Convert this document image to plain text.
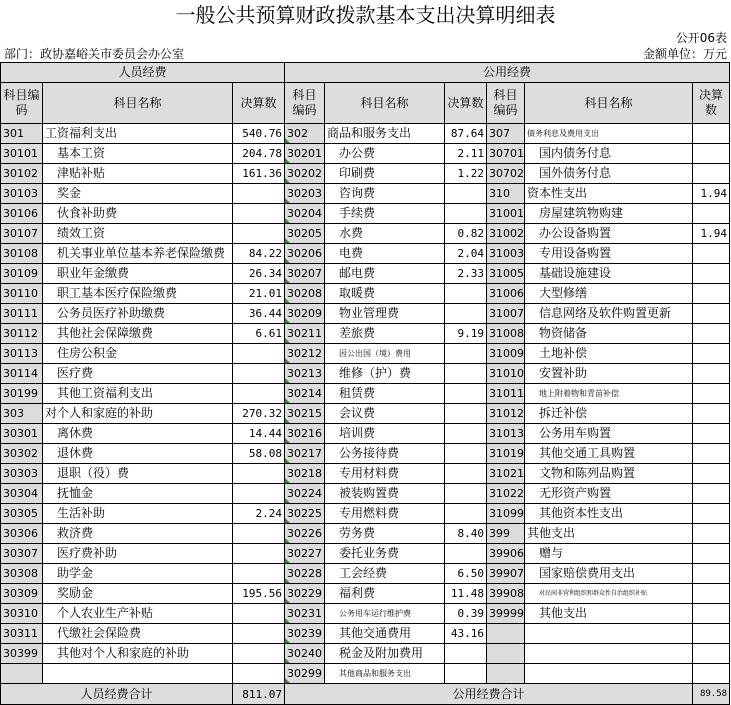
一般公共预算财政拨款基本支出决算明细表
公开06表
部门：政协嘉峪关市委员会办公室	金额单位：万元
人员经费			公用经费					
科目编码	科目名称	决算数	科目编码	科目名称	决算数	科目编码	科目名称	决算数
301	工资福利支出	540.76	302	商品和服务支出	87.64	307	债务利息及费用支出	
30101	基本工资	204.78	30201	办公费	2.11	30701	国内债务付息	
30102	津贴补贴	161.36	30202	印刷费	1.22	30702	国外债务付息	
30103	奖金		30203	咨询费		310	资本性支出	1.94
30106	伙食补助费		30204	手续费		31001	房屋建筑物购建	
30107	绩效工资		30205	水费	0.82	31002	办公设备购置	1.94
30108	机关事业单位基本养老保险缴费	84.22	30206	电费	2.04	31003	专用设备购置	
30109	职业年金缴费	26.34	30207	邮电费	2.33	31005	基础设施建设	
30110	职工基本医疗保险缴费	21.01	30208	取暖费		31006	大型修缮	
30111	公务员医疗补助缴费	36.44	30209	物业管理费		31007	信息网络及软件购置更新	
30112	其他社会保障缴费	6.61	30211	差旅费	9.19	31008	物资储备	
30113	住房公积金		30212	因公出国（境）费用		31009	土地补偿	
30114	医疗费		30213	维修（护）费		31010	安置补助	
30199	其他工资福利支出		30214	租赁费		31011	地上附着物和青苗补偿	
303	对个人和家庭的补助	270.32	30215	会议费		31012	拆迁补偿	
30301	离休费	14.44	30216	培训费		31013	公务用车购置	
30302	退休费	58.08	30217	公务接待费		31019	其他交通工具购置	
30303	退职（役）费		30218	专用材料费		31021	文物和陈列品购置	
30304	抚恤金		30224	被装购置费		31022	无形资产购置	
30305	生活补助	2.24	30225	专用燃料费		31099	其他资本性支出	
30306	救济费		30226	劳务费	8.40	399	其他支出	
30307	医疗费补助		30227	委托业务费		39906	赠与	
30308	助学金		30228	工会经费	6.50	39907	国家赔偿费用支出	
30309	奖励金	195.56	30229	福利费	11.48	39908	对民间非营利组织和群众性自治组织补贴	
30310	个人农业生产补贴		30231	公务用车运行维护费	0.39	39999	其他支出	
30311	代缴社会保险费		30239	其他交通费用	43.16			
30399	其他对个人和家庭的补助		30240	税金及附加费用				
			30299	其他商品和服务支出				
人员经费合计		811.07	公用经费合计					89.58
